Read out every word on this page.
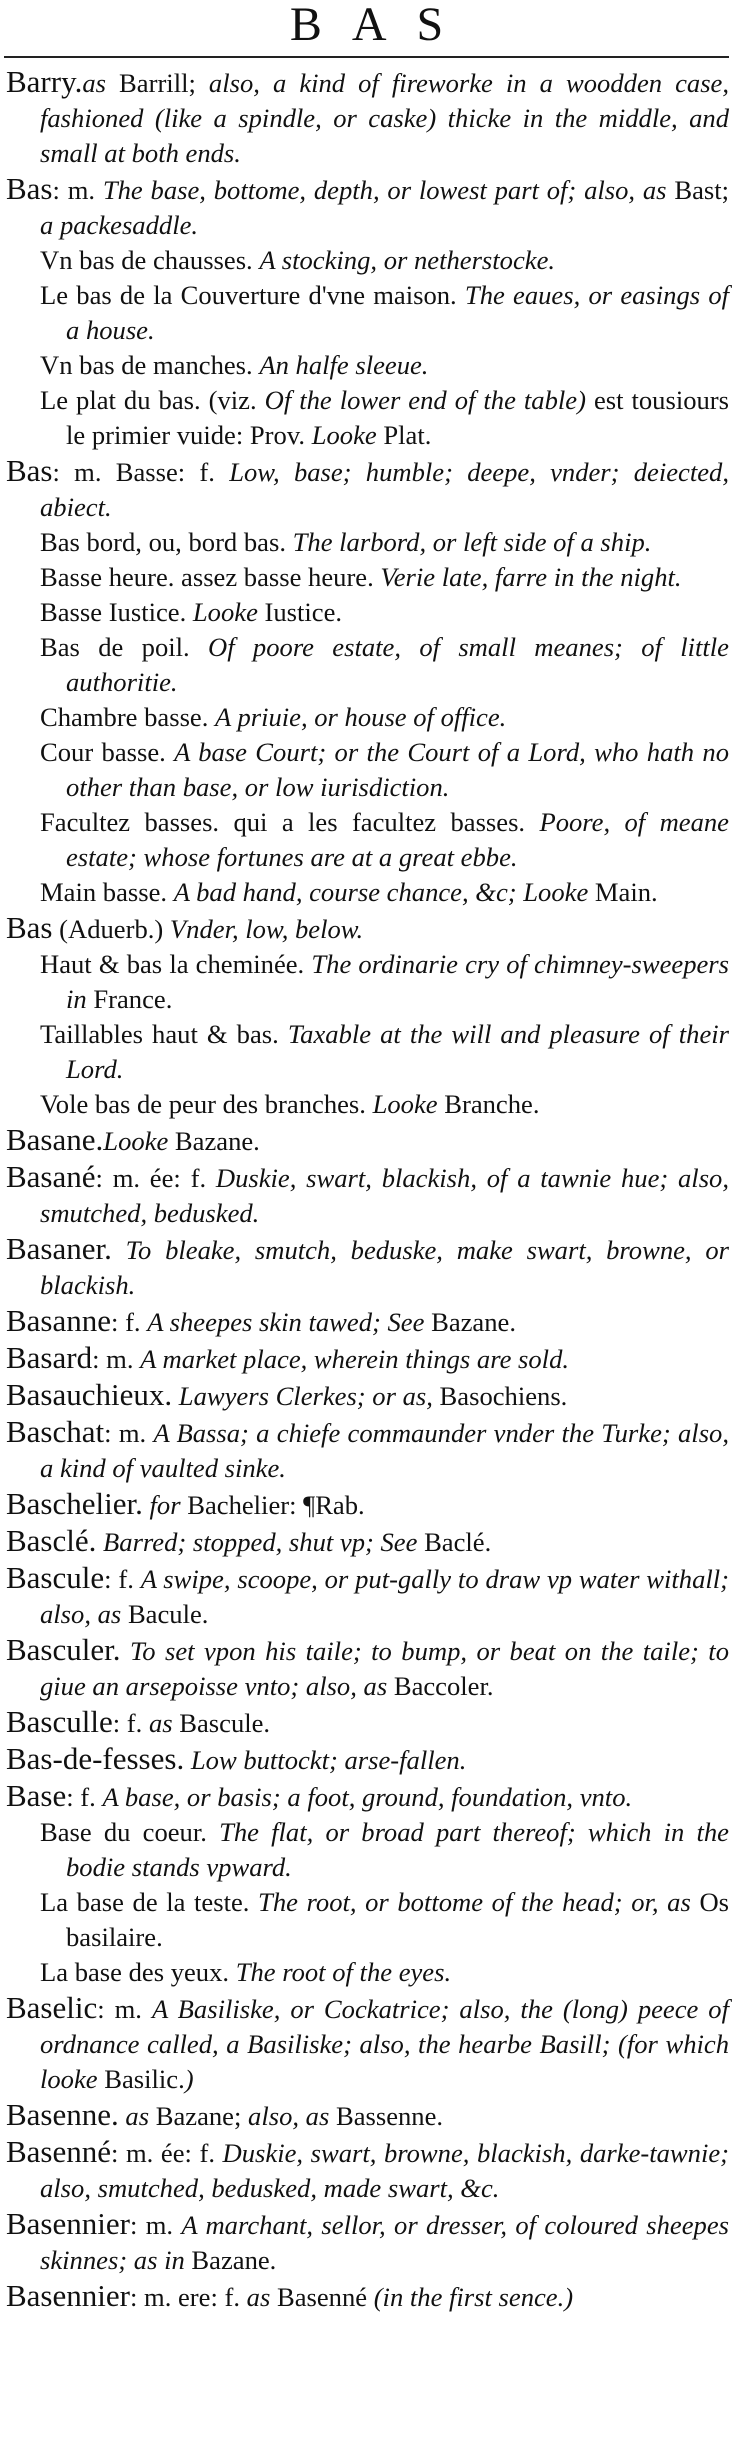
BAS

Barry.as Barrill; also, a kind of fireworke in a woodden case, fashioned (like a spindle, or caske) thicke in the middle, and small at both ends.

Bas: m. The base, bottome, depth, or lowest part of; also, as Bast; a packesaddle.

Vn bas de chausses. A stocking, or netherstocke.

Le bas de la Couverture d'vne maison. The eaues, or easings of a house.

Vn bas de manches. An halfe sleeue.

Le plat du bas. (viz. Of the lower end of the table) est tousiours le primier vuide: Prov. Looke Plat.

Bas: m. Basse: f. Low, base; humble; deepe, vnder; deiected, abiect.

Bas bord, ou, bord bas. The larbord, or left side of a ship.

Basse heure. assez basse heure. Verie late, farre in the night.

Basse Iustice. Looke Iustice.

Bas de poil. Of poore estate, of small meanes; of little authoritie.

Chambre basse. A priuie, or house of office.

Cour basse. A base Court; or the Court of a Lord, who hath no other than base, or low iurisdiction.

Facultez basses. qui a les facultez basses. Poore, of meane estate; whose fortunes are at a great ebbe.

Main basse. A bad hand, course chance, &c; Looke Main.

Bas (Aduerb.) Vnder, low, below.

Haut & bas la cheminée. The ordinarie cry of chimney-sweepers in France.

Taillables haut & bas. Taxable at the will and pleasure of their Lord.

Vole bas de peur des branches. Looke Branche.

Basane.Looke Bazane.

Basané: m. ée: f. Duskie, swart, blackish, of a tawnie hue; also, smutched, bedusked.

Basaner. To bleake, smutch, beduske, make swart, browne, or blackish.

Basanne: f. A sheepes skin tawed; See Bazane.

Basard: m. A market place, wherein things are sold.

Basauchieux. Lawyers Clerkes; or as, Basochiens.

Baschat: m. A Bassa; a chiefe commaunder vnder the Turke; also, a kind of vaulted sinke.

Baschelier. for Bachelier: ¶Rab.

Basclé. Barred; stopped, shut vp; See Baclé.

Bascule: f. A swipe, scoope, or put-gally to draw vp water withall; also, as Bacule.

Basculer. To set vpon his taile; to bump, or beat on the taile; to giue an arsepoisse vnto; also, as Baccoler.

Basculle: f. as Bascule.

Bas-de-fesses. Low buttockt; arse-fallen.

Base: f. A base, or basis; a foot, ground, foundation, vnto.

Base du coeur. The flat, or broad part thereof; which in the bodie stands vpward.

La base de la teste. The root, or bottome of the head; or, as Os basilaire.

La base des yeux. The root of the eyes.

Baselic: m. A Basiliske, or Cockatrice; also, the (long) peece of ordnance called, a Basiliske; also, the hearbe Basill; (for which looke Basilic.)

Basenne. as Bazane; also, as Bassenne.

Basenné: m. ée: f. Duskie, swart, browne, blackish, darke-tawnie; also, smutched, bedusked, made swart, &c.

Basennier: m. A marchant, sellor, or dresser, of coloured sheepes skinnes; as in Bazane.

Basennier: m. ere: f. as Basenné (in the first sence.)
